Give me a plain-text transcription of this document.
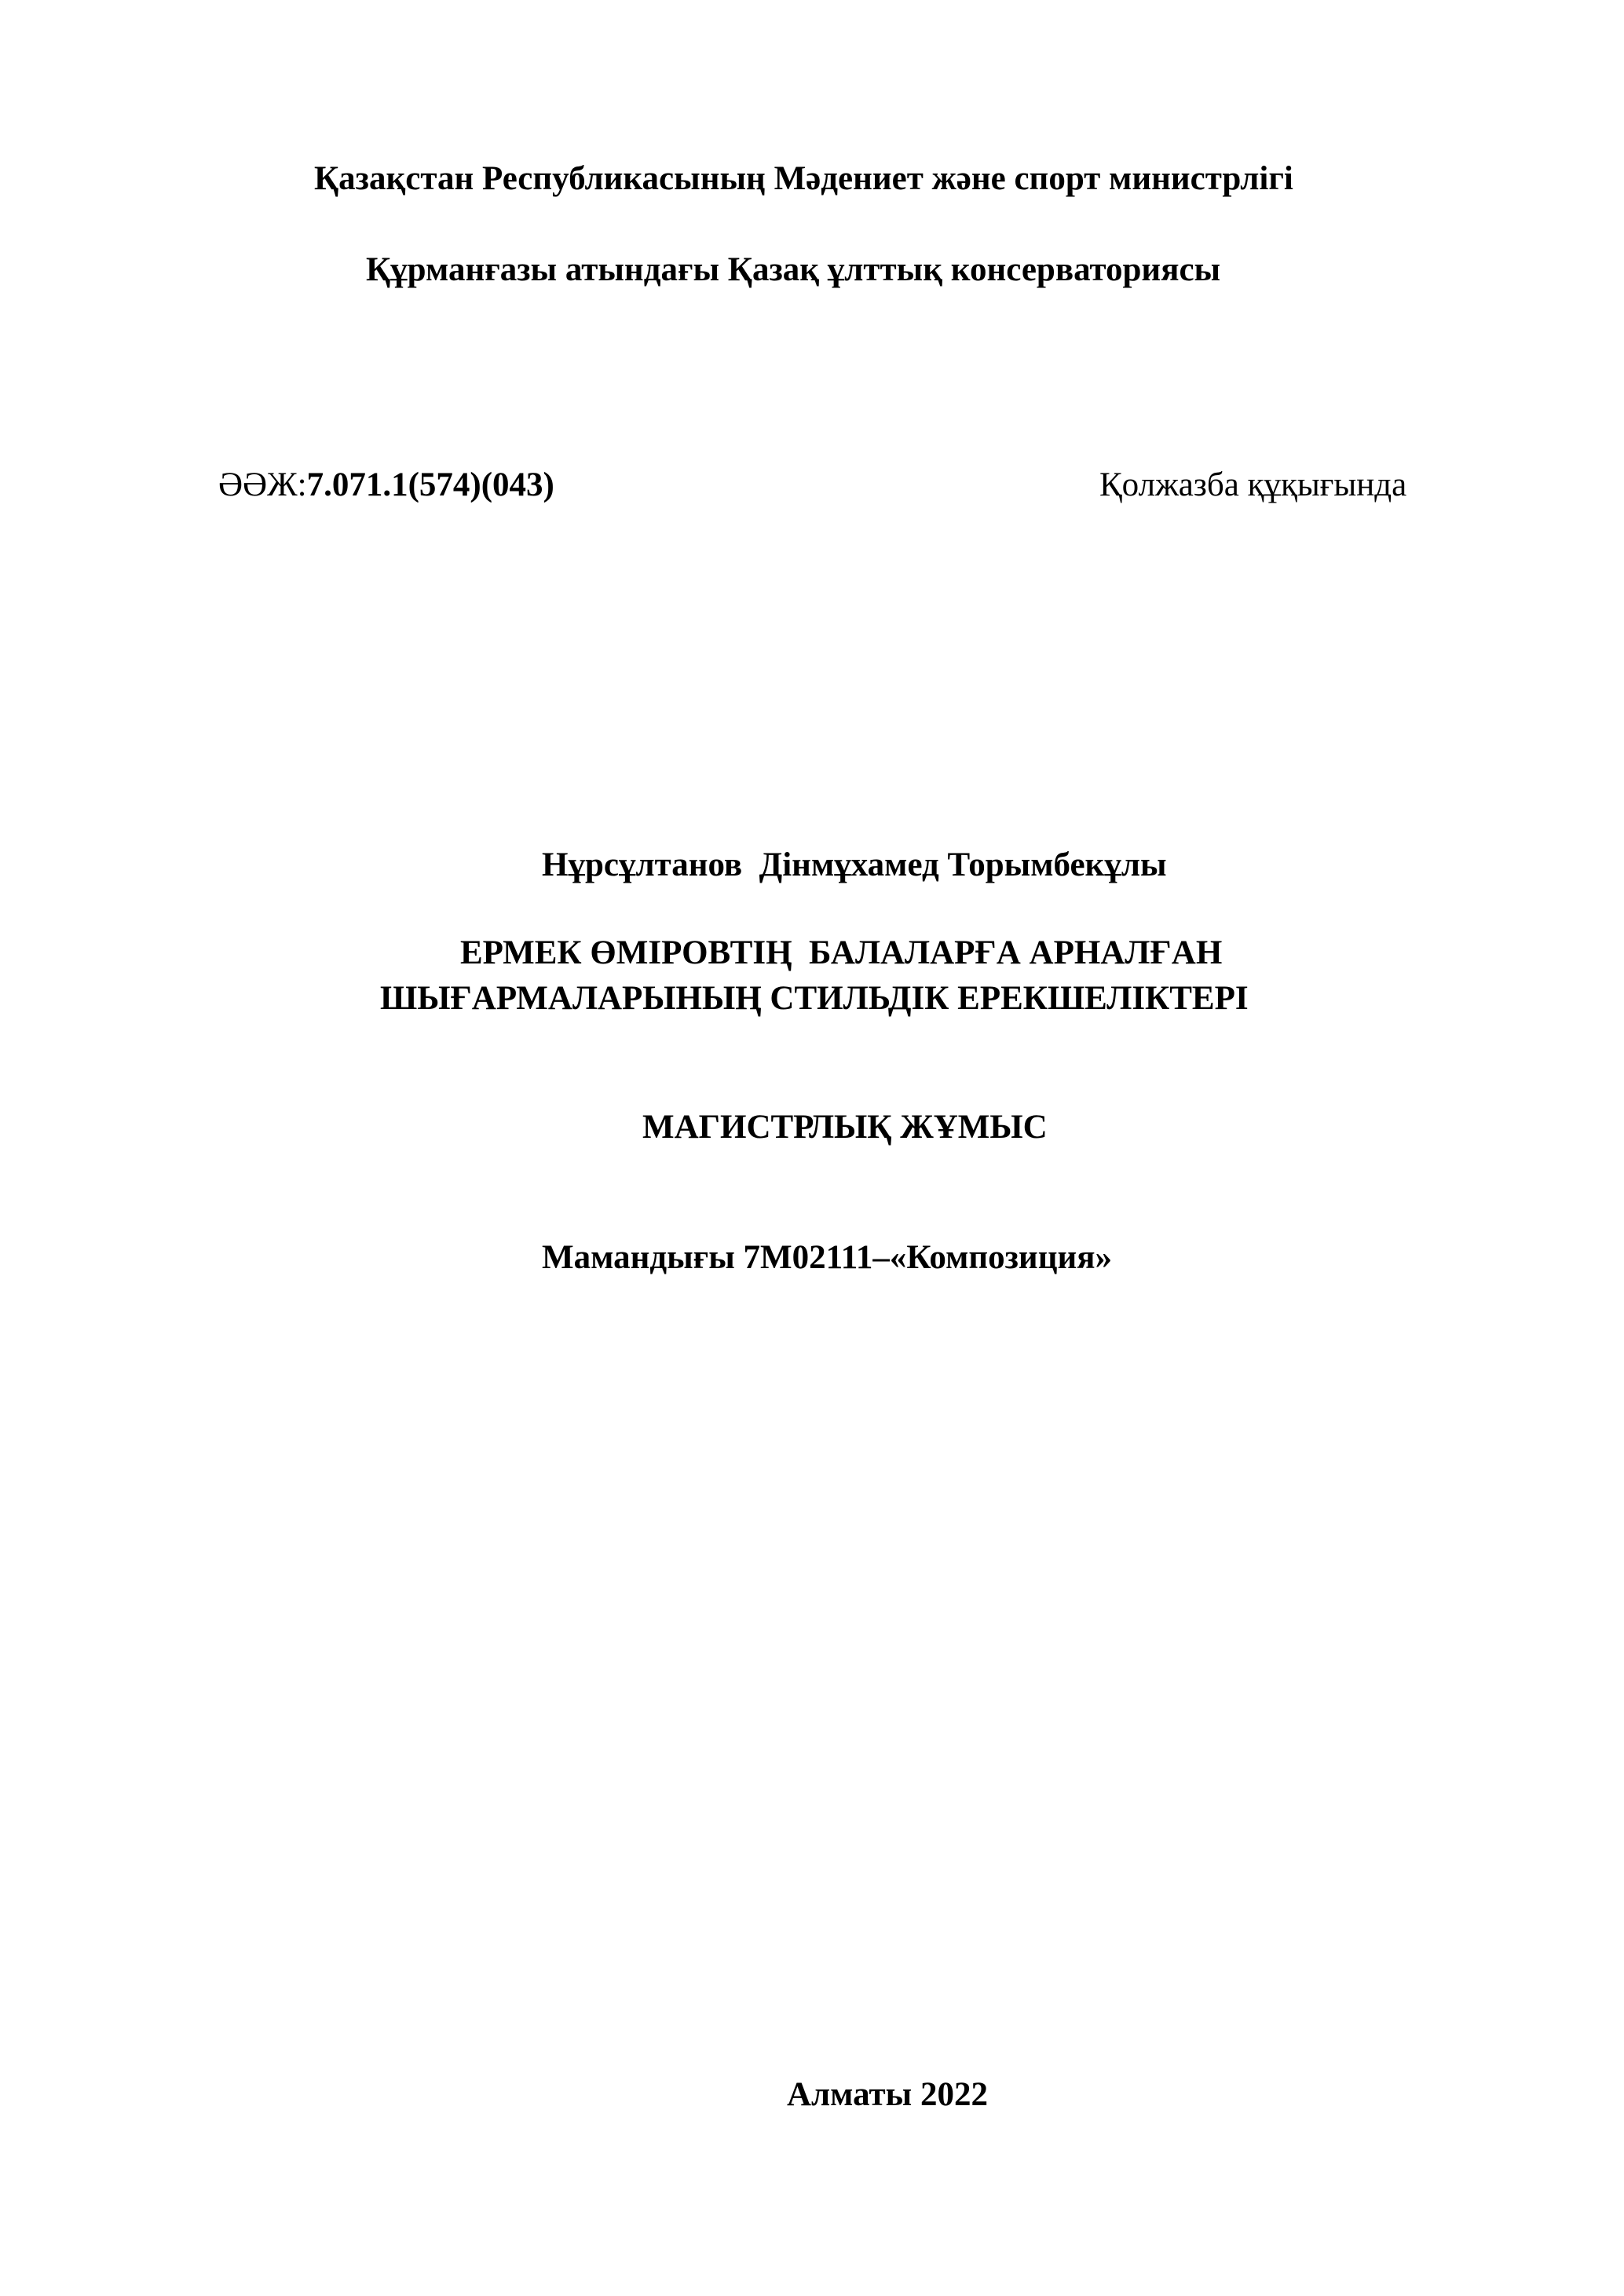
Қазақстан Республикасының Мәдениет және спорт министрлігі
Құрманғазы атындағы Қазақ ұлттық консерваториясы
ӘӘЖ:7.071.1(574)(043)	Қолжазба құқығында
Нұрсұлтанов Дінмұхамед Торымбекұлы
ЕРМЕК ӨМІРОВТІҢ  БАЛАЛАРҒА АРНАЛҒАН
ШЫҒАРМАЛАРЫНЫҢ СТИЛЬДІК ЕРЕКШЕЛІКТЕРІ
МАГИСТРЛЫҚ ЖҰМЫС
Мамандығы 7М02111–«Композиция»
Алматы 2022
